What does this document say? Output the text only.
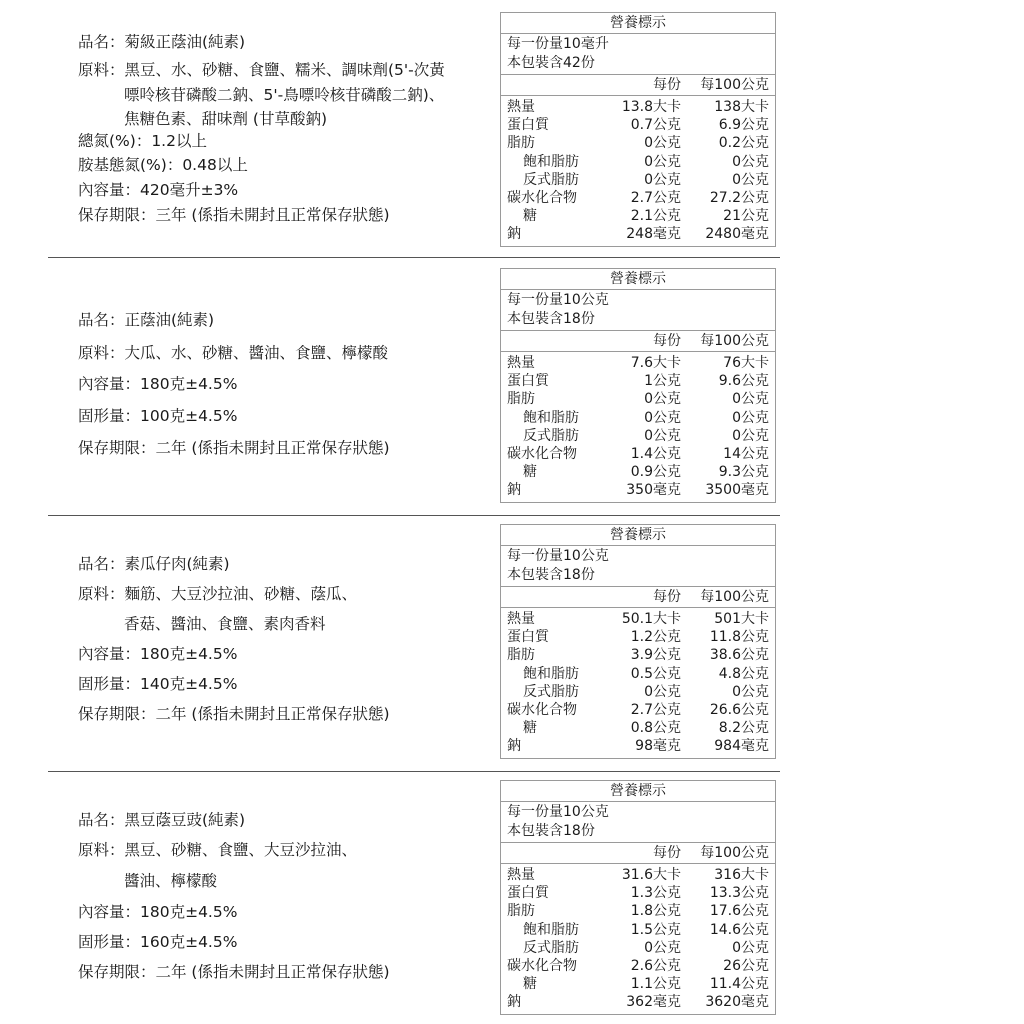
品名：菊級正蔭油(純素)
原料：黑豆、水、砂糖、食鹽、糯米、調味劑(5'-次黃
嘌呤核苷磷酸二鈉、5'-鳥嘌呤核苷磷酸二鈉)、
焦糖色素、甜味劑 (甘草酸鈉)
總氮(%)：1.2以上
胺基態氮(%)：0.48以上
內容量：420毫升±3%
保存期限：三年 (係指未開封且正常保存狀態)
營養標示
每一份量10毫升
本包裝含42份
每份 每100公克
熱量	13.8大卡 138大卡
蛋白質	0.7公克	6.9公克
脂肪	0公克	0.2公克
飽和脂肪	0公克	0公克
反式脂肪	0公克	0公克
碳水化合物	2.7公克 27.2公克
糖	2.1公克	21公克
鈉	248毫克 2480毫克
品名：正蔭油(純素)
原料：大瓜、水、砂糖、醬油、食鹽、檸檬酸
內容量：180克±4.5%
固形量：100克±4.5%
保存期限：二年 (係指未開封且正常保存狀態)
營養標示
每一份量10公克
本包裝含18份
每份 每100公克
熱量	7.6大卡	76大卡
蛋白質	1公克	9.6公克
脂肪	0公克	0公克
飽和脂肪	0公克	0公克
反式脂肪	0公克	0公克
碳水化合物	1.4公克	14公克
糖	0.9公克	9.3公克
鈉	350毫克 3500毫克
品名：素瓜仔肉(純素)
原料：麵筋、大豆沙拉油、砂糖、蔭瓜、
香菇、醬油、食鹽、素肉香料
內容量：180克±4.5%
固形量：140克±4.5%
保存期限：二年 (係指未開封且正常保存狀態)
營養標示
每一份量10公克
本包裝含18份
每份 每100公克
熱量	50.1大卡 501大卡
蛋白質	1.2公克 11.8公克
脂肪	3.9公克 38.6公克
飽和脂肪	0.5公克	4.8公克
反式脂肪	0公克	0公克
碳水化合物	2.7公克 26.6公克
糖	0.8公克	8.2公克
鈉	98毫克 984毫克
品名：黑豆蔭豆豉(純素)
原料：黑豆、砂糖、食鹽、大豆沙拉油、
醬油、檸檬酸
內容量：180克±4.5%
固形量：160克±4.5%
保存期限：二年 (係指未開封且正常保存狀態)
營養標示
每一份量10公克
本包裝含18份
每份 每100公克
熱量	31.6大卡 316大卡
蛋白質	1.3公克 13.3公克
脂肪	1.8公克 17.6公克
飽和脂肪	1.5公克 14.6公克
反式脂肪	0公克	0公克
碳水化合物	2.6公克	26公克
糖	1.1公克 11.4公克
鈉	362毫克 3620毫克
